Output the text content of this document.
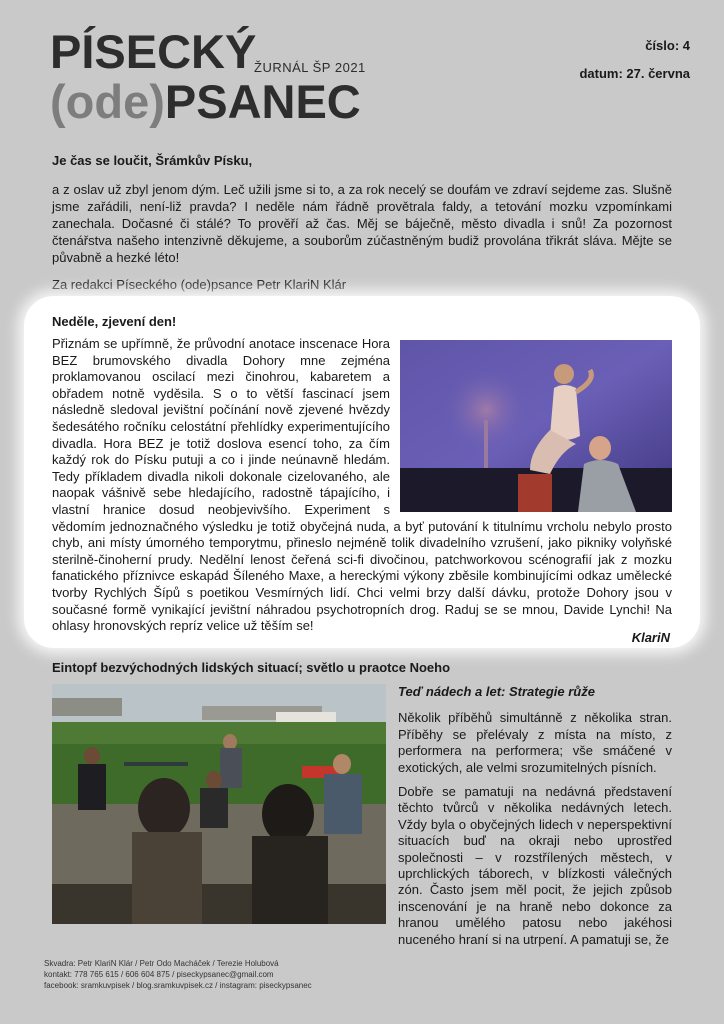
PÍSECKÝ
ŽURNÁL ŠP 2021
(ode)PSANEC
číslo: 4
datum: 27. června
Je čas se loučit, Šrámkův Písku,

a z oslav už zbyl jenom dým. Leč užili jsme si to, a za rok necelý se doufám ve zdraví sejdeme zas. Slušně jsme zařádili, není-liž pravda? I neděle nám řádně provětrala faldy, a tetování mozku vzpomínkami zanechala. Dočasné či stálé? To prověří až čas. Měj se báječně, město divadla i snů! Za pozornost čtenářstva našeho intenzivně děkujeme, a souborům zúčastněným budiž provolána třikrát sláva. Mějte se půvabně a hezké léto!

Za redakci Píseckého (ode)psance Petr KlariN Klár

Neděle, zjevení den!
Přiznám se upřímně, že průvodní anotace inscenace Hora BEZ brumovského divadla Dohory mne zejména proklamovanou oscilací mezi činohrou, kabaretem a obřadem notně vyděsila. S o to větší fascinací jsem následně sledoval jevištní počínání nově zjevené hvězdy šedesátého ročníku celostátní přehlídky experimentujícího divadla. Hora BEZ je totiž doslova esencí toho, za čím každý rok do Písku putuji a co i jinde neúnavně hledám. Tedy příkladem divadla nikoli dokonale cizelovaného, ale naopak vášnivě sebe hledajícího, radostně tápajícího, i vlastní hranice dosud neobjevivšího. Experiment s vědomím jednoznačného výsledku je totiž obyčejná nuda, a byť putování k titulnímu vrcholu nebylo prosto chyb, ani místy úmorného temporytmu, přineslo nejméně tolik divadelního vzrušení, jako pikniky volyňské sterilně-činoherní prudy. Nedělní lenost čeřená sci-fi divočinou, patchworkovou scénografií jak z mozku fanatického příznivce eskapád Šíleného Maxe, a hereckými výkony zběsile kombinujícími odkaz umělecké tvorby Rychlých Šípů s poetikou Vesmírných lidí. Chci velmi brzy další dávku, protože Dohory jsou v současné formě vynikající jevištní náhradou psychotropních drog. Raduj se se mnou, Davide Lynchi! Na ohlasy hronovských repríz velice už těším se!
KlariN
Eintopf bezvýchodných lidských situací; světlo u praotce Noeho
Teď nádech a let: Strategie růže

Několik příběhů simultánně z několika stran. Příběhy se přelévaly z místa na místo, z performera na performera; vše smáčené v exotických, ale velmi srozumitelných písních.

Dobře se pamatuji na nedávná představení těchto tvůrců v několika nedávných letech. Vždy byla o obyčejných lidech v neperspektivní situacích buď na okraji nebo uprostřed společnosti – v rozstřílených městech, v uprchlických táborech, v blízkosti válečných zón. Často jsem měl pocit, že jejich způsob inscenování je na hraně nebo dokonce za hranou umělého patosu nebo jakéhosi nuceného hraní si na utrpení. A pamatuji se, že

Skvadra: Petr KlariN Klár / Petr Odo Macháček / Terezie Holubová
kontakt: 778 765 615 / 606 604 875 / piseckypsanec@gmail.com
facebook: sramkuvpisek / blog.sramkuvpisek.cz / instagram: piseckypsanec
